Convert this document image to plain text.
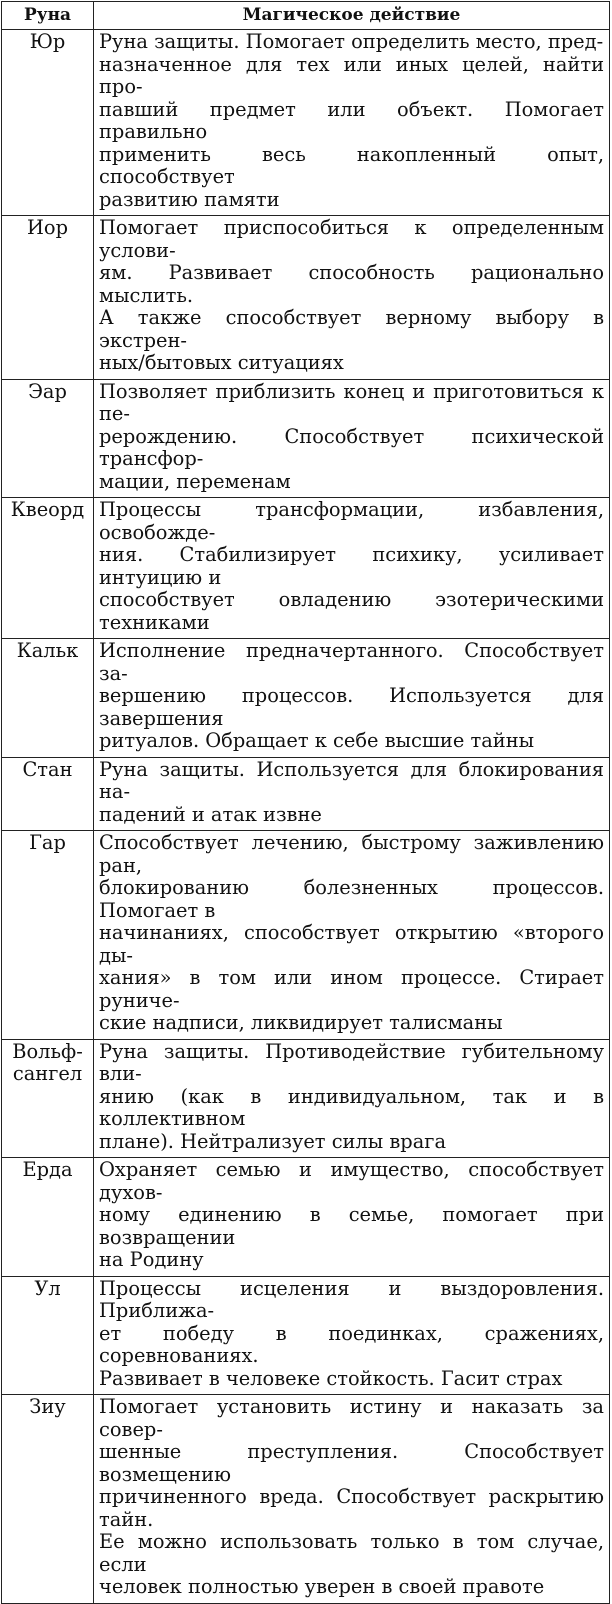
Руна	Магическое действие

Юр	Руна защиты. Помогает определить место, пред-
назначенное для тех или иных целей, найти про-
павший предмет или объект. Помогает правильно
применить весь накопленный опыт, способствует
развитию памяти

Иор	Помогает приспособиться к определенным услови-
ям. Развивает способность рационально мыслить.
А также способствует верному выбору в экстрен-
ных/бытовых ситуациях

Эар	Позволяет приблизить конец и приготовиться к пе-
рерождению. Способствует психической трансфор-
мации, переменам

Квеорд	Процессы трансформации, избавления, освобожде-
ния. Стабилизирует психику, усиливает интуицию и
способствует овладению эзотерическими техниками

Кальк	Исполнение предначертанного. Способствует за-
вершению процессов. Используется для завершения
ритуалов. Обращает к себе высшие тайны

Стан	Руна защиты. Используется для блокирования на-
падений и атак извне

Гар	Способствует лечению, быстрому заживлению ран,
блокированию болезненных процессов. Помогает в
начинаниях, способствует открытию «второго ды-
хания» в том или ином процессе. Стирает руниче-
ские надписи, ликвидирует талисманы

Вольф-
сангел	Руна защиты. Противодействие губительному вли-
янию (как в индивидуальном, так и в коллективном
плане). Нейтрализует силы врага

Ерда	Охраняет семью и имущество, способствует духов-
ному единению в семье, помогает при возвращении
на Родину

Ул	Процессы исцеления и выздоровления. Приближа-
ет победу в поединках, сражениях, соревнованиях.
Развивает в человеке стойкость. Гасит страх

Зиу	Помогает установить истину и наказать за совер-
шенные преступления. Способствует возмещению
причиненного вреда. Способствует раскрытию тайн.
Ее можно использовать только в том случае, если
человек полностью уверен в своей правоте
